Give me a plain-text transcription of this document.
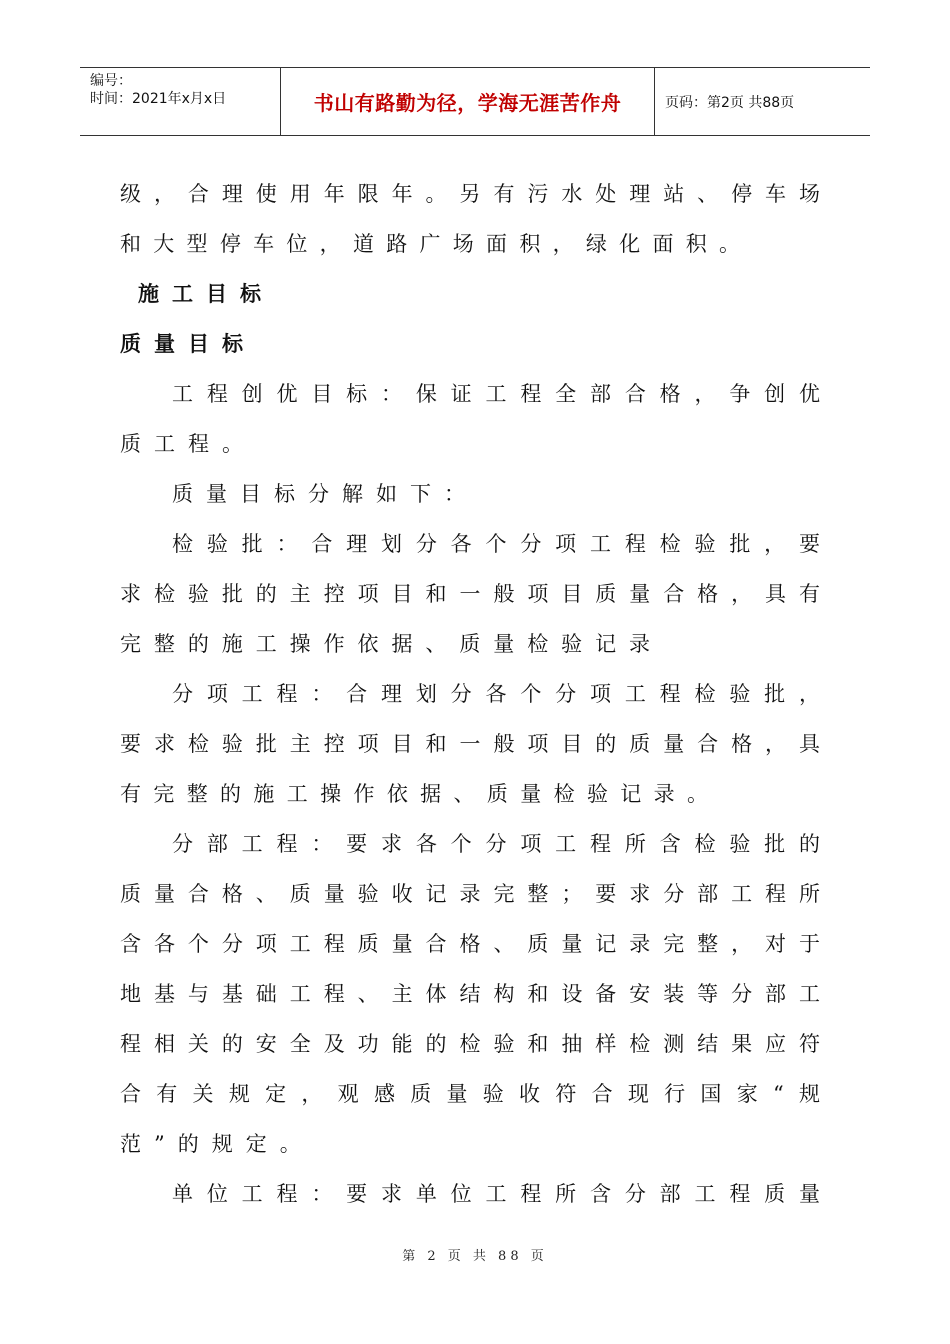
编号：
时间：2021年x月x日	书山有路勤为径，学海无涯苦作舟	页码：第2页 共88页
级，合理使用年限年。另有污水处理站、停车场
和大型停车位，道路广场面积，绿化面积。
施工目标
质量目标
工程创优目标：保证工程全部合格，争创优
质工程。
质量目标分解如下：
检验批：合理划分各个分项工程检验批，要
求检验批的主控项目和一般项目质量合格，具有
完整的施工操作依据、质量检验记录
分项工程：合理划分各个分项工程检验批，
要求检验批主控项目和一般项目的质量合格，具
有完整的施工操作依据、质量检验记录。
分部工程：要求各个分项工程所含检验批的
质量合格、质量验收记录完整；要求分部工程所
含各个分项工程质量合格、质量记录完整，对于
地基与基础工程、主体结构和设备安装等分部工
程相关的安全及功能的检验和抽样检测结果应符
合有关规定，观感质量验收符合现行国家“规
范”的规定。
单位工程：要求单位工程所含分部工程质量
第 2 页 共 88 页
